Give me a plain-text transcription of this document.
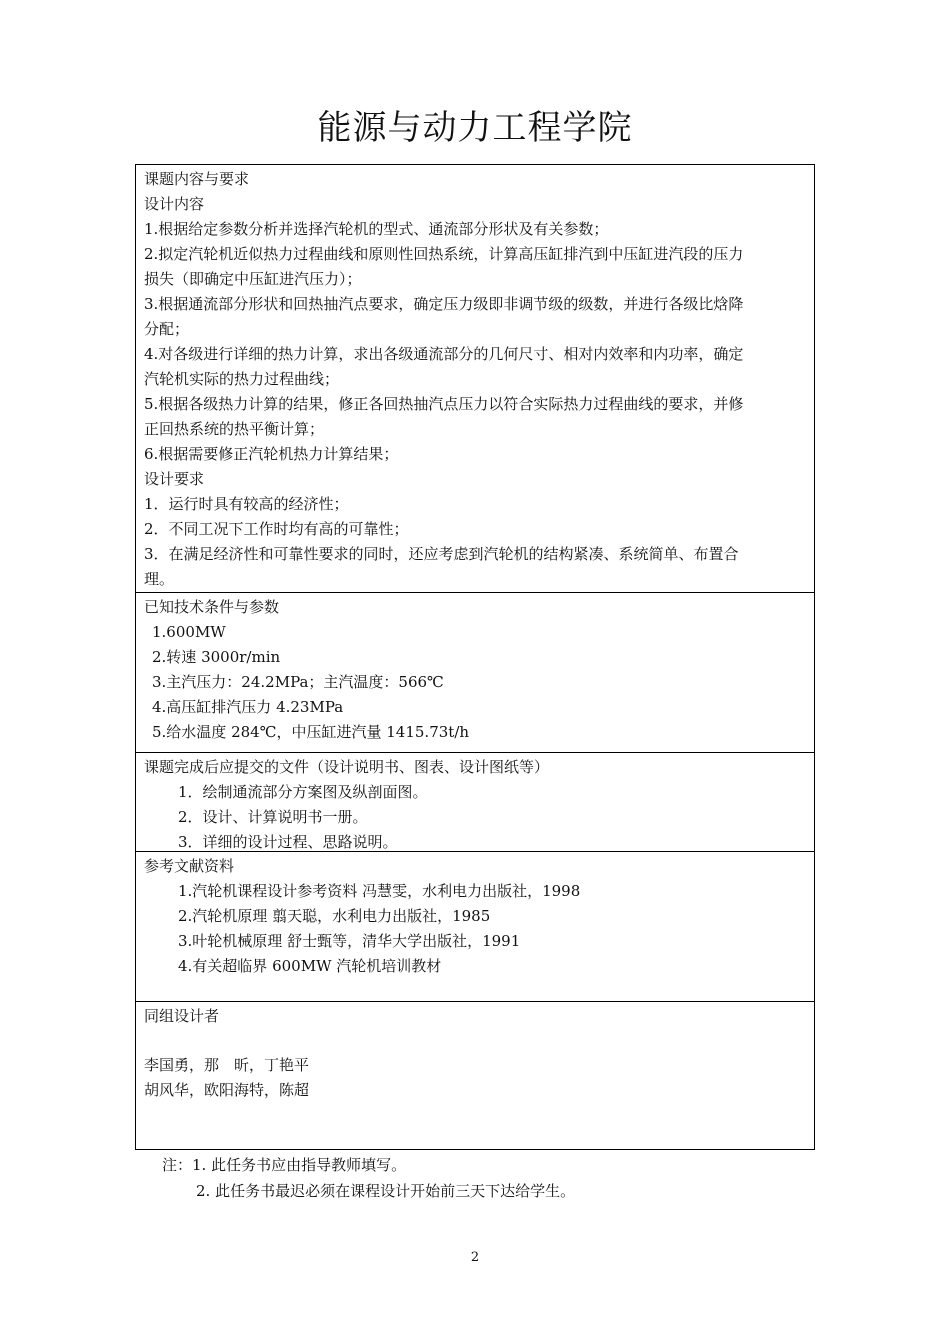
能源与动力工程学院
课题内容与要求
设计内容
1.根据给定参数分析并选择汽轮机的型式、通流部分形状及有关参数；
2.拟定汽轮机近似热力过程曲线和原则性回热系统，计算高压缸排汽到中压缸进汽段的压力
损失（即确定中压缸进汽压力）；
3.根据通流部分形状和回热抽汽点要求，确定压力级即非调节级的级数，并进行各级比焓降
分配；
4.对各级进行详细的热力计算，求出各级通流部分的几何尺寸、相对内效率和内功率，确定
汽轮机实际的热力过程曲线；
5.根据各级热力计算的结果，修正各回热抽汽点压力以符合实际热力过程曲线的要求，并修
正回热系统的热平衡计算；
6.根据需要修正汽轮机热力计算结果；
设计要求
1．运行时具有较高的经济性；
2．不同工况下工作时均有高的可靠性；
3．在满足经济性和可靠性要求的同时，还应考虑到汽轮机的结构紧凑、系统简单、布置合
理。
已知技术条件与参数
1.600MW
2.转速 3000r/min
3.主汽压力：24.2MPa；主汽温度：566℃
4.高压缸排汽压力 4.23MPa
5.给水温度 284℃，中压缸进汽量 1415.73t/h
课题完成后应提交的文件（设计说明书、图表、设计图纸等）
1．绘制通流部分方案图及纵剖面图。
2．设计、计算说明书一册。
3．详细的设计过程、思路说明。
参考文献资料
1.汽轮机课程设计参考资料 冯慧雯，水利电力出版社，1998
2.汽轮机原理 翦天聪，水利电力出版社，1985
3.叶轮机械原理 舒士甄等，清华大学出版社，1991
4.有关超临界 600MW 汽轮机培训教材
同组设计者
李国勇，那　昕，丁艳平
胡风华，欧阳海特，陈超
注：1. 此任务书应由指导教师填写。
2. 此任务书最迟必须在课程设计开始前三天下达给学生。
2
